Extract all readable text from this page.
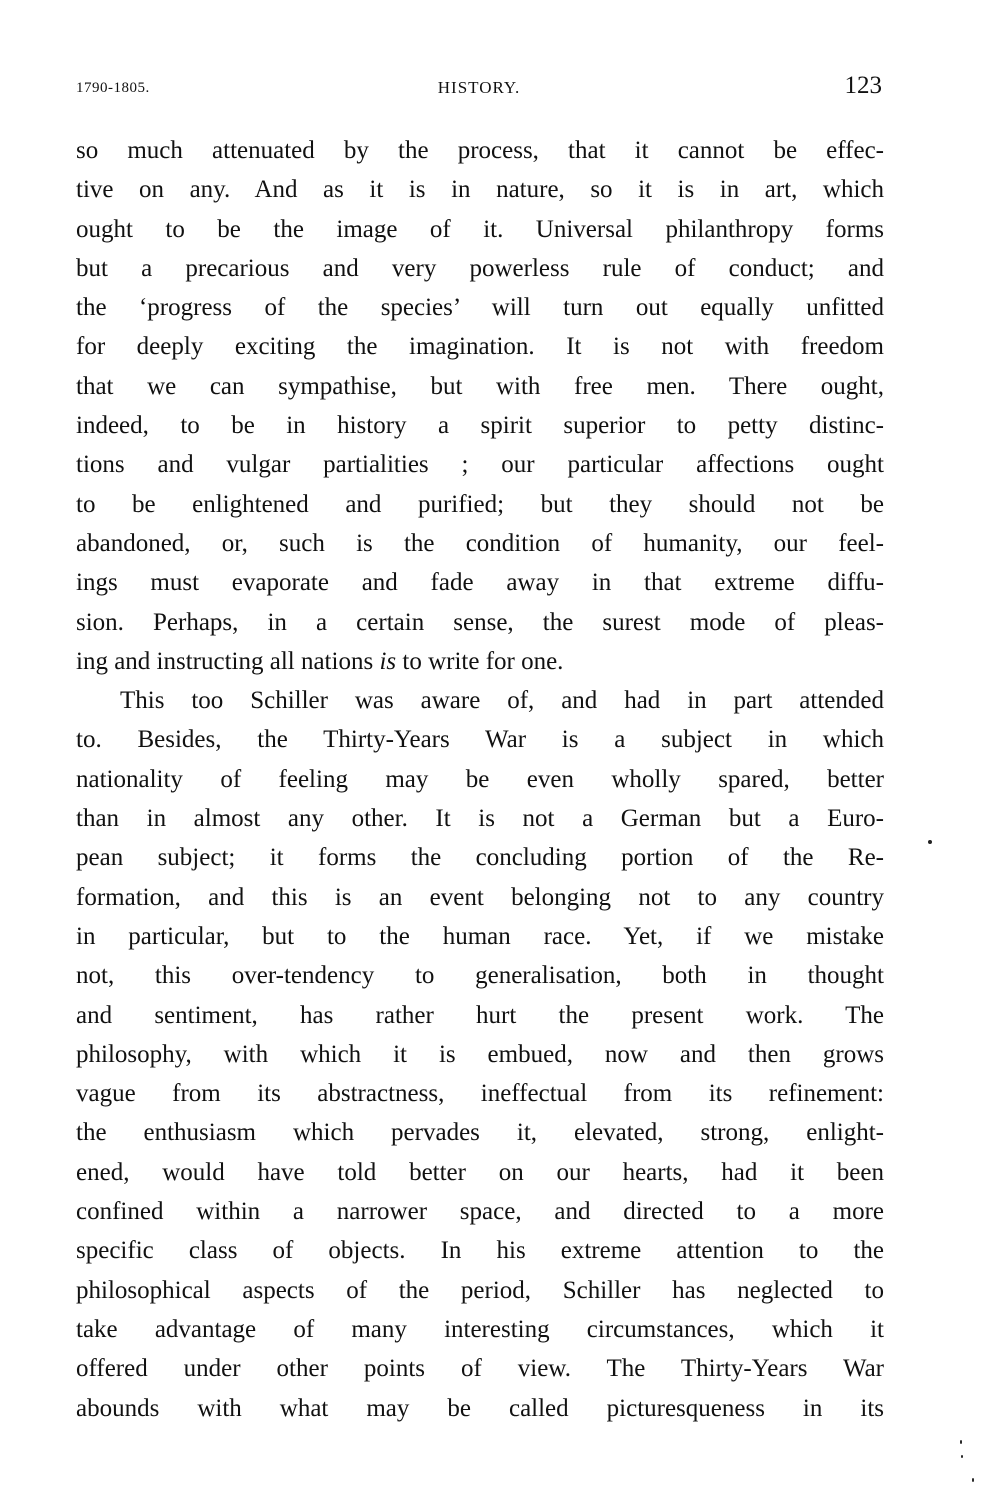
1790-1805.	HISTORY.	123
so much attenuated by the process, that it cannot be effec-
tive on any. And as it is in nature, so it is in art, which
ought to be the image of it. Universal philanthropy forms
but a precarious and very powerless rule of conduct; and
the ‘progress of the species’ will turn out equally unfitted
for deeply exciting the imagination. It is not with freedom
that we can sympathise, but with free men. There ought,
indeed, to be in history a spirit superior to petty distinc-
tions and vulgar partialities ; our particular affections ought
to be enlightened and purified; but they should not be
abandoned, or, such is the condition of humanity, our feel-
ings must evaporate and fade away in that extreme diffu-
sion. Perhaps, in a certain sense, the surest mode of pleas-
ing and instructing all nations is to write for one.
This too Schiller was aware of, and had in part attended
to. Besides, the Thirty-Years War is a subject in which
nationality of feeling may be even wholly spared, better
than in almost any other. It is not a German but a Euro-
pean subject; it forms the concluding portion of the Re-
formation, and this is an event belonging not to any country
in particular, but to the human race. Yet, if we mistake
not, this over-tendency to generalisation, both in thought
and sentiment, has rather hurt the present work. The
philosophy, with which it is embued, now and then grows
vague from its abstractness, ineffectual from its refinement:
the enthusiasm which pervades it, elevated, strong, enlight-
ened, would have told better on our hearts, had it been
confined within a narrower space, and directed to a more
specific class of objects. In his extreme attention to the
philosophical aspects of the period, Schiller has neglected to
take advantage of many interesting circumstances, which it
offered under other points of view. The Thirty-Years War
abounds with what may be called picturesqueness in its
